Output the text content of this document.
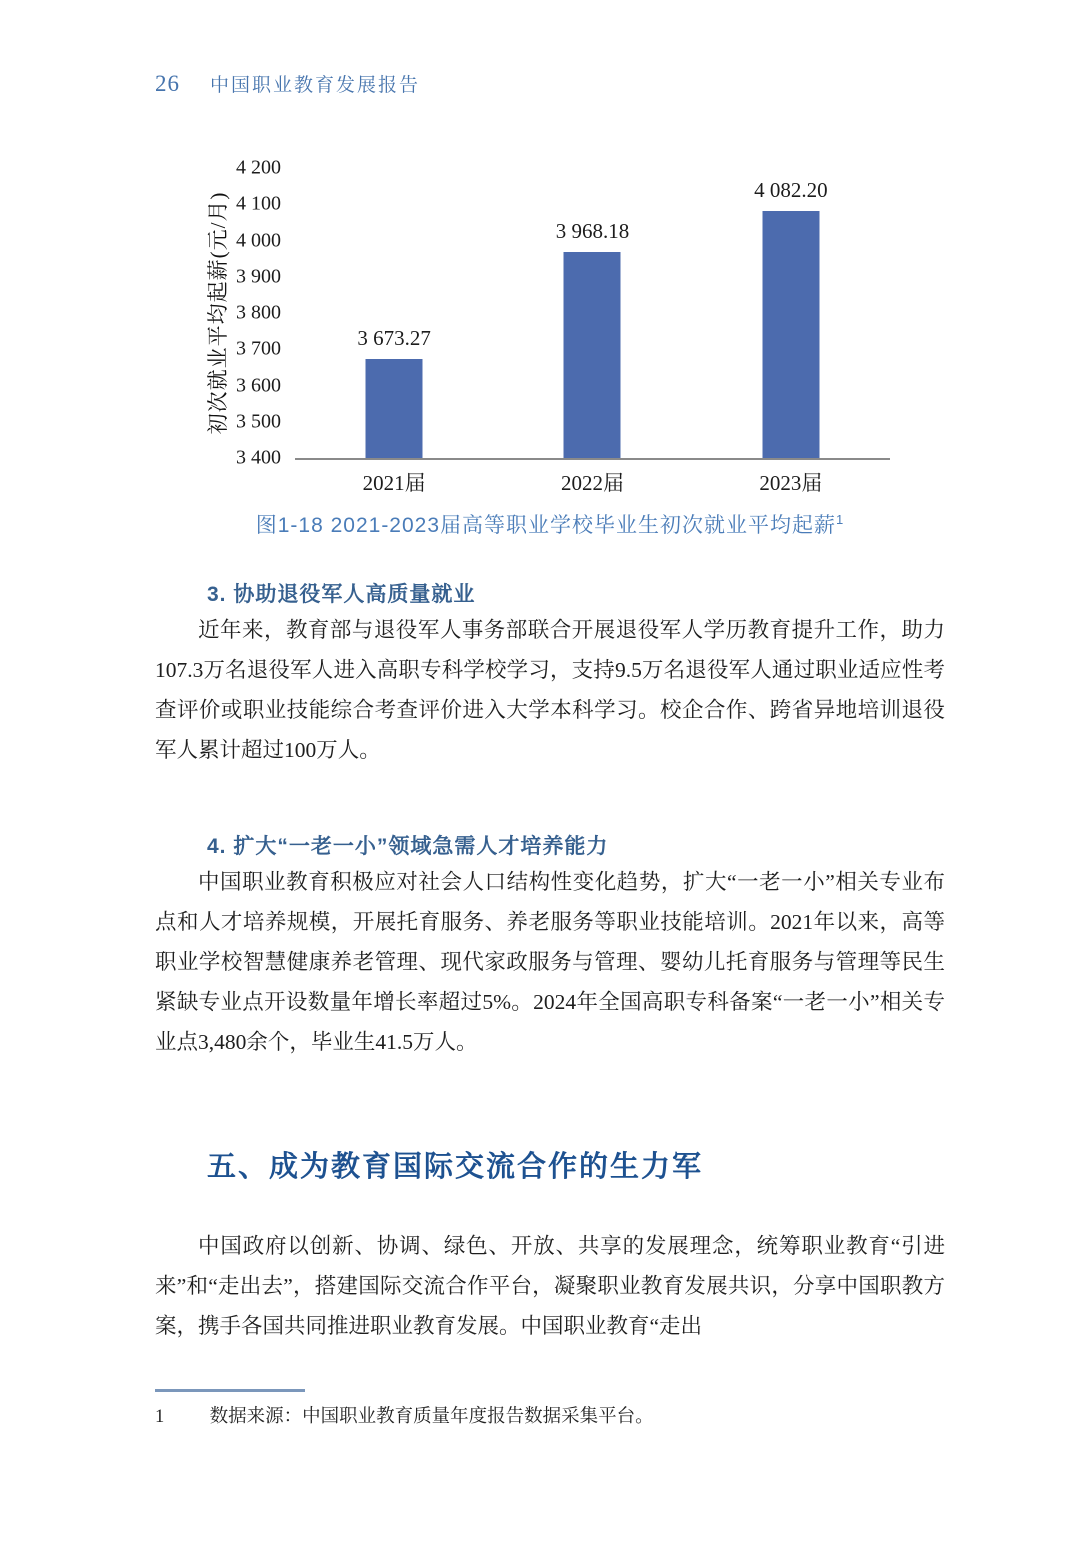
26 中国职业教育发展报告
初次就业平均起薪(元/月)
4 200
4 100
4 000
3 900
3 800
3 700
3 600
3 500
3 400
3 673.27
2021届
3 968.18
2022届
4 082.20
2023届
图1-18 2021-2023届高等职业学校毕业生初次就业平均起薪$^1$
3. 协助退役军人高质量就业

近年来，教育部与退役军人事务部联合开展退役军人学历教育提升工作，助力107.3万名退役军人进入高职专科学校学习，支持9.5万名退役军人通过职业适应性考查评价或职业技能综合考查评价进入大学本科学习。校企合作、跨省异地培训退役军人累计超过100万人。

4. 扩大“一老一小”领域急需人才培养能力

中国职业教育积极应对社会人口结构性变化趋势，扩大“一老一小”相关专业布点和人才培养规模，开展托育服务、养老服务等职业技能培训。2021年以来，高等职业学校智慧健康养老管理、现代家政服务与管理、婴幼儿托育服务与管理等民生紧缺专业点开设数量年增长率超过5%。2024年全国高职专科备案“一老一小”相关专业点3,480余个，毕业生41.5万人。

五、成为教育国际交流合作的生力军

中国政府以创新、协调、绿色、开放、共享的发展理念，统筹职业教育“引进来”和“走出去”，搭建国际交流合作平台，凝聚职业教育发展共识，分享中国职教方案，携手各国共同推进职业教育发展。中国职业教育“走出

1 数据来源：中国职业教育质量年度报告数据采集平台。
